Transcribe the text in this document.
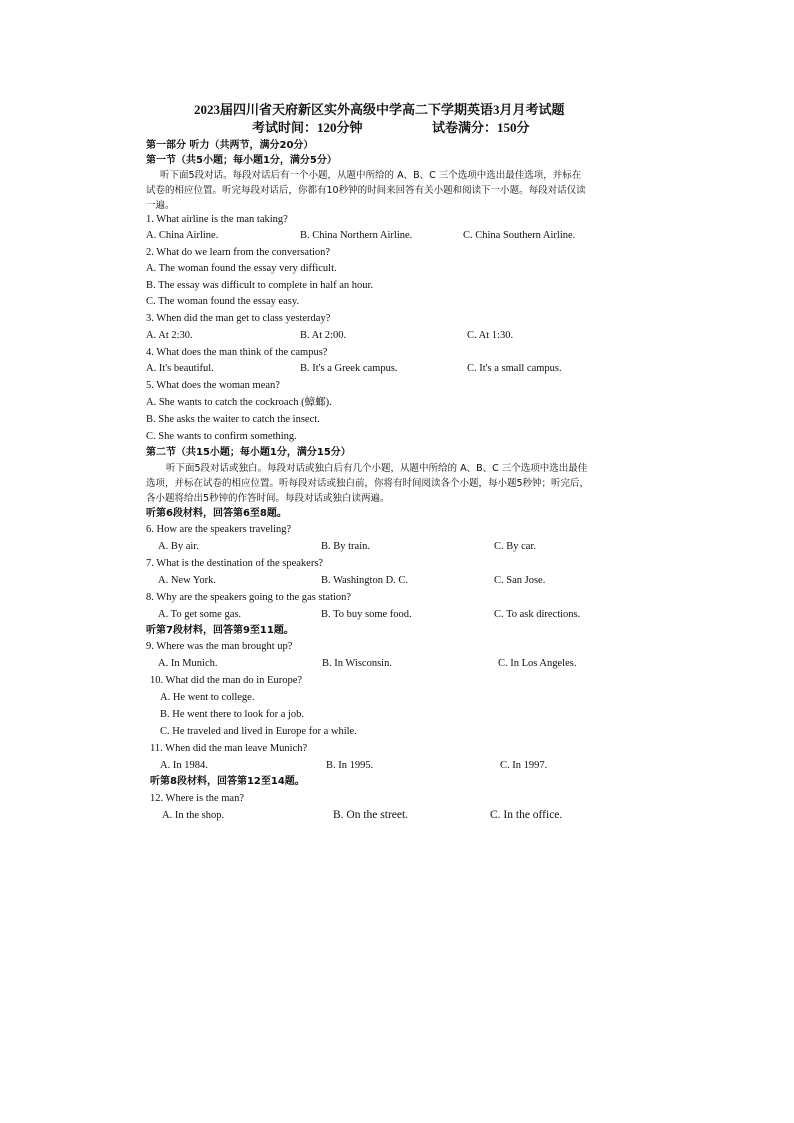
2023届四川省天府新区实外高级中学高二下学期英语3月月考试题
考试时间：120分钟	试卷满分：150分
第一部分 听力（共两节，满分20分）
第一节（共5小题；每小题1分，满分5分）
听下面5段对话。每段对话后有一个小题，从题中所给的 A、B、C 三个选项中选出最佳选项，并标在
试卷的相应位置。听完每段对话后，你都有10秒钟的时间来回答有关小题和阅读下一小题。每段对话仅读
一遍。
1. What airline is the man taking?
A. China Airline.	B. China Northern Airline.	C. China Southern Airline.
2. What do we learn from the conversation?
A. The woman found the essay very difficult.
B. The essay was difficult to complete in half an hour.
C. The woman found the essay easy.
3. When did the man get to class yesterday?
A. At 2:30.	B. At 2:00.	C. At 1:30.
4. What does the man think of the campus?
A. It's beautiful.	B. It's a Greek campus.	C. It's a small campus.
5. What does the woman mean?
A. She wants to catch the cockroach (蟑螂).
B. She asks the waiter to catch the insect.
C. She wants to confirm something.
第二节（共15小题；每小题1分，满分15分）
听下面5段对话或独白。每段对话或独白后有几个小题，从题中所给的 A、B、C 三个选项中选出最佳
选项，并标在试卷的相应位置。听每段对话或独白前，你将有时间阅读各个小题，每小题5秒钟；听完后，
各小题将给出5秒钟的作答时间。每段对话或独白读两遍。
听第6段材料，回答第6至8题。
6. How are the speakers traveling?
A. By air.	B. By train.	C. By car.
7. What is the destination of the speakers?
A. New York.	B. Washington D. C.	C. San Jose.
8. Why are the speakers going to the gas station?
A. To get some gas.	B. To buy some food.	C. To ask directions.
听第7段材料，回答第9至11题。
9. Where was the man brought up?
A. In Munich.	B. In Wisconsin.	C. In Los Angeles.
10. What did the man do in Europe?
A. He went to college.
B. He went there to look for a job.
C. He traveled and lived in Europe for a while.
11. When did the man leave Munich?
A. In 1984.	B. In 1995.	C. In 1997.
听第8段材料，回答第12至14题。
12. Where is the man?
A. In the shop.	B. On the street.	C. In the office.
